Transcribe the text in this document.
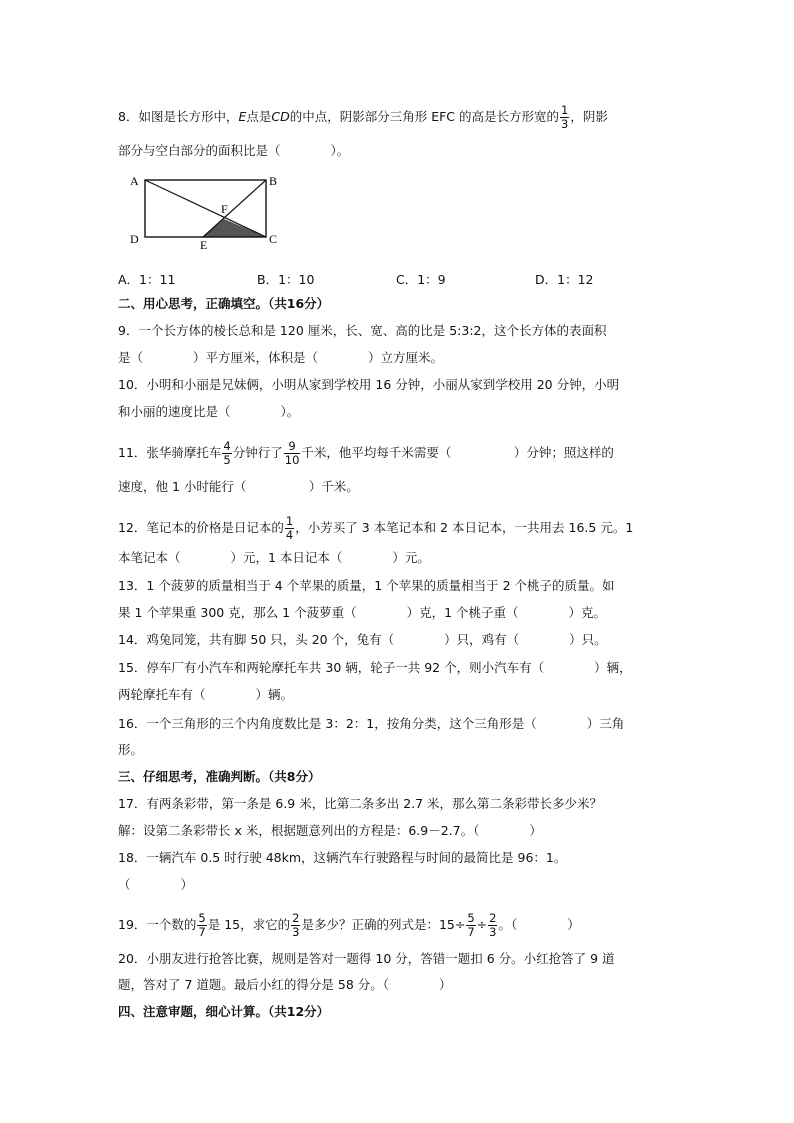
8．如图是长方形中，E点是CD的中点，阴影部分三角形 EFC 的高是长方形宽的 $\frac{1}{3}$ ，阴影
部分与空白部分的面积比是（　　　　）。
A	B
C
D	E
F
A．1：11	B．1：10	C．1：9	D．1：12
二、用心思考，正确填空。（共16分）
9．一个长方体的棱长总和是 120 厘米，长、宽、高的比是 5:3:2，这个长方体的表面积
是（　　　　）平方厘米，体积是（　　　　）立方厘米。
10．小明和小丽是兄妹俩，小明从家到学校用 16 分钟，小丽从家到学校用 20 分钟，小明
和小丽的速度比是（　　　　）。
11．张华骑摩托车 $\frac{4}{5}$ 分钟行了 $\frac{9}{10}$ 千米，他平均每千米需要（　　　　　）分钟；照这样的
速度，他 1 小时能行（　　　　　）千米。
12．笔记本的价格是日记本的 $\frac{1}{4}$ ，小芳买了 3 本笔记本和 2 本日记本，一共用去 16.5 元。1
本笔记本（　　　　）元，1 本日记本（　　　　）元。
13．1 个菠萝的质量相当于 4 个苹果的质量，1 个苹果的质量相当于 2 个桃子的质量。如
果 1 个苹果重 300 克，那么 1 个菠萝重（　　　　）克，1 个桃子重（　　　　）克。
14．鸡兔同笼，共有脚 50 只，头 20 个，兔有（　　　　）只，鸡有（　　　　）只。
15．停车厂有小汽车和两轮摩托车共 30 辆，轮子一共 92 个，则小汽车有（　　　　）辆，
两轮摩托车有（　　　　）辆。
16．一个三角形的三个内角度数比是 3：2：1，按角分类，这个三角形是（　　　　）三角
形。
三、仔细思考，准确判断。（共8分）
17．有两条彩带，第一条是 6.9 米，比第二条多出 2.7 米，那么第二条彩带长多少米？
解：设第二条彩带长 x 米，根据题意列出的方程是：6.9－2.7。（　　　　）
18．一辆汽车 0.5 时行驶 48km，这辆汽车行驶路程与时间的最简比是 96：1。
（　　　　）
19．一个数的 $\frac{5}{7}$ 是 15，求它的 $\frac{2}{3}$ 是多少？正确的列式是：$15\div \frac{5}{7} \div \frac{2}{3}$ 。（　　　　）
20．小朋友进行抢答比赛，规则是答对一题得 10 分，答错一题扣 6 分。小红抢答了 9 道
题，答对了 7 道题。最后小红的得分是 58 分。（　　　　）
四、注意审题，细心计算。（共12分）
